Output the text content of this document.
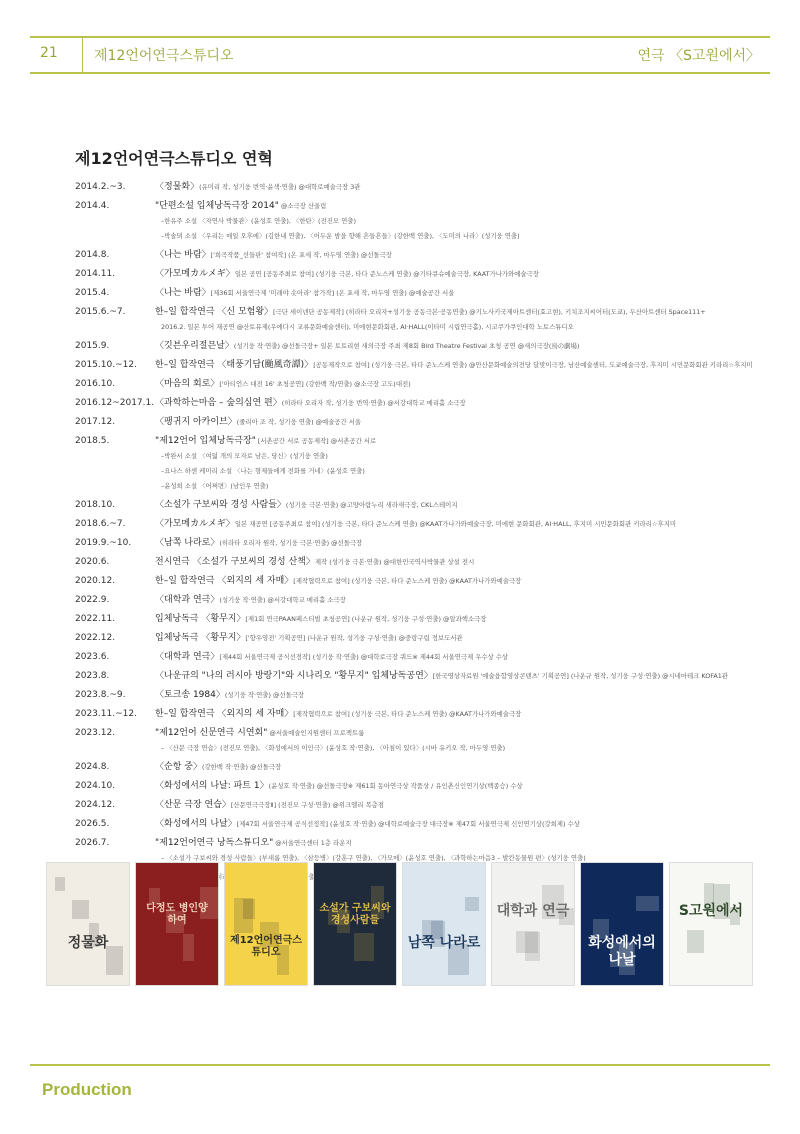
21	제12언어연극스튜디오	연극 〈S고원에서〉
제12언어연극스튜디오 연혁
2014.2.~3.	〈정물화〉(유미리 작, 성기웅 번역·윤색·연출) @대학로예술극장 3관
2014.4.	"단편소설 입체낭독극장 2014" @소극장 산울림
–한유주 소설 〈자연사 박물관〉(윤성호 연출), 〈한탄〉(전진모 연출)
–박솔뫼 소설 〈우리는 매일 오후에〉(김한내 연출), 〈어두운 밤을 향해 흔들흔들〉(강한백 연출), 〈도미의 나라〉(성기웅 연출)
2014.8.	〈나는 바람〉['희곡작품_선들판' 참여작] (온 포세 작, 마두영 연출) @선돌극장
2014.11.	〈가모메カルメギ〉일본 공연 [공동주최로 참여] (성기웅 극본, 타다 준노스케 연출) @기타큐슈예술극장, KAAT가나가와예술극장
2015.4.	〈나는 바람〉[제36회 서울연극제 '미래야 솟아라' 참가작] (온 포세 작, 마두영 연출) @예술공간 서울
2015.6.~7.	한–일 합작연극 〈신 모험왕〉[극단 세이넨단 공동제작] (히라타 오리자+성기웅 공동극본·공동연출) @기노사키국제아트센터(효고현), 키치조지씨어터(도쿄), 두산아트센터 Space111+
2016.2. 일본 투어 재공연 @산토뮤제(우에다시 교류문화예술센터), 미에현문화회관, AI·HALL(이타미 시립연극홀), 시코쿠가쿠인대학 노토스튜디오
2015.9.	〈깃븐우리절믄날〉(성기웅 작·연출) @선돌극장+ 일본 토토리현 새의극장 주최 제8회 Bird Theatre Festival 초청 공연 @새의극장(鳥の劇場)
2015.10.~12.	한–일 합작연극 〈태풍기담(颱風奇譚)〉[공동제작으로 참여] (성기웅 극본, 타다 준노스케 연출) @안산문화예술의전당 달맞이극장, 남산예술센터, 도쿄예술극장, 후지미 시민문화회관 키라리☆후지미
2016.10.	〈마음의 회로〉['아티언스 대전 16' 초청공연] (강한백 작/연출) @소극장 고도(대전)
2016.12~2017.1. 〈과학하는마음 – 숲의심연 편〉(히라타 오리자 작, 성기웅 번역·연출) @서강대학교 메리홀 소극장
2017.12.	〈팽귀지 아카이브〉(줄리아 조 작, 성기웅 연출) @예술공간 서울
2018.5.	"제12언어 입체낭독극장" [서촌공간 서로 공동제작] @서촌공간 서로
–박완서 소설 〈여덟 개의 모자로 남은, 당신〉(성기웅 연출)
–요나스 하센 케미리 소설 〈나는 형제들에게 전화를 거네〉(윤성호 연출)
–윤성희 소설 〈어쩌면〉(남인우 연출)
2018.10.	〈소설가 구보씨와 경성 사람들〉(성기웅 극본·연출) @고양아람누리 새라새극장, CKL스테이지
2018.6.~7.	〈가모메カルメギ〉일본 재공연 [공동주최로 참여] (성기웅 극본, 타다 준노스케 연출) @KAAT가나가와예술극장, 미에현 문화회관, AI·HALL, 후지미 시민문화회관 키라리☆후지미
2019.9.~10.	〈남쪽 나라로〉(히라타 오리자 원작, 성기웅 극본·연출) @선돌극장
2020.6.	전시연극 〈소설가 구보씨의 경성 산책〉제작 (성기웅 극본·연출) @대한민국역사박물관 상설 전시
2020.12.	한–일 합작연극 〈외지의 세 자매〉[제작협력으로 참여] (성기웅 극본, 타다 준노스케 연출) @KAAT가나가와예술극장
2022.9.	〈대학과 연극〉(성기웅 작·연출) @서강대학교 메리홀 소극장
2022.11.	입체낭독극 〈황무지〉[제1회 연극PAAN페스티벌 초청공연] (나운규 원작, 성기웅 구성·연출) @알과핵소극장
2022.12.	입체낭독극 〈황무지〉['향우영전' 기획공연] (나운규 원작, 성기웅 구성·연출) @중랑구립 정보도서관
2023.6.	〈대학과 연극〉[제44회 서울연극제 공식선정작] (성기웅 작·연출) @대학로극장 쿼드※ 제44회 서울연극제 우수상 수상
2023.8.	〈나운규의 "나의 러시아 방랑기"와 시나리오 "황무지" 입체낭독공연〉[한국영상자료원 '예술융합영상콘텐츠' 기획공연] (나운규 원작, 성기웅 구성·연출) @시네마테크 KOFA1관
2023.8.~9.	〈토크송 1984〉(성기웅 작·연출) @선돌극장
2023.11.~12.	한–일 합작연극 〈외지의 세 자매〉[제작협력으로 참여] (성기웅 극본, 타다 준노스케 연출) @KAAT가나가와예술극장
2023.12.	"제12언어 신문연극 시연회" @서울예술인지원센터 프로젝트룸
– 〈산문 극장 연습〉(전진모 연출), 〈화성에서의 이인극〉(윤성호 작·연출), 〈아침이 있다〉(시바 유키오 작, 마두영 연출)
2024.8.	〈순항 중〉(강한백 작·연출) @선돌극장
2024.10.	〈화성에서의 나날: 파트 1〉(윤성호 작·연출) @선돌극장※ 제61회 동아연극상 작품상 / 유인촌신인연기상(백종승) 수상
2024.12.	〈산문 극장 연습〉[산문연극극장Ⅱ] (전진모 구성·연출) @위크엘리 복층점
2026.5.	〈화성에서의 나날〉[제47회 서울연극제 공식선정작] (윤성호 작·연출) @대학로예술극장 대극장※ 제47회 서울연극제 신인연기상(강희제) 수상
2026.7.	"제12언어연극 낭독스튜디오" @서울연극센터 1층 라운지
– 〈소설가 구보씨와 경성 사람들〉(부새롬 연출), 〈삼등병〉(강훈구 연출), 〈가모메〉(윤성호 연출), 〈과학하는마음3 – 발칸동물원 편〉(성기웅 연출)
정물화
다정도 병인양 하여
제12언어연극스튜디오
소설가 구보씨와 경성사람들
남쪽 나라로
대학과 연극
화성에서의 나날
S고원에서
Production
